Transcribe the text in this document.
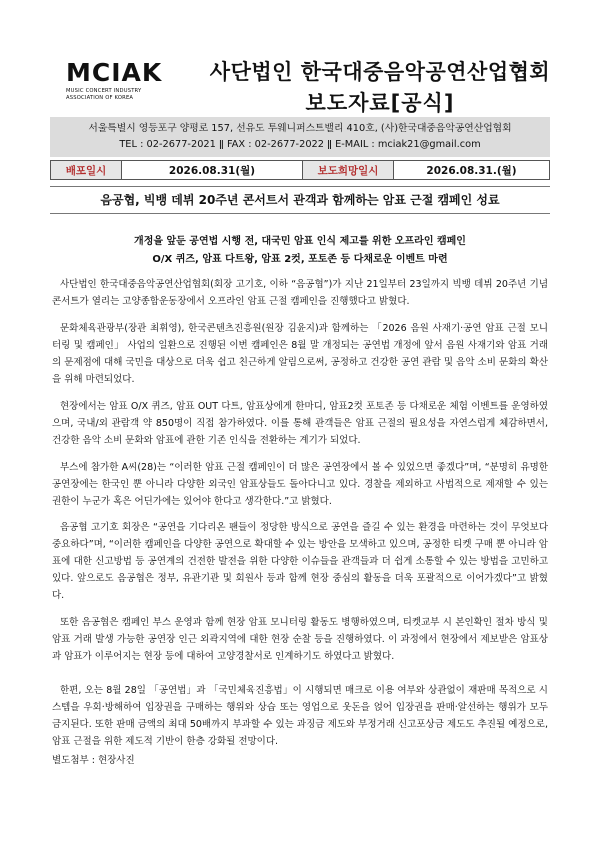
MCIAK
MUSIC CONCERT INDUSTRY
ASSOCIATION OF KOREA
사단법인 한국대중음악공연산업협회
보도자료[공식]
서울특별시 영등포구 양평로 157, 선유도 투웨니퍼스트밸리 410호, (사)한국대중음악공연산업협회
TEL : 02-2677-2021 ǁ FAX : 02-2677-2022 ǁ E-MAIL : mciak21@gmail.com
배포일시	2026.08.31(월)	보도희망일시	2026.08.31.(월)
음공협, 빅뱅 데뷔 20주년 콘서트서 관객과 함께하는 암표 근절 캠페인 성료
개정을 앞둔 공연법 시행 전, 대국민 암표 인식 제고를 위한 오프라인 캠페인
O/X 퀴즈, 암표 다트왕, 암표 2컷, 포토존 등 다채로운 이벤트 마련
사단법인 한국대중음악공연산업협회(회장 고기호, 이하 “음공협”)가 지난 21일부터 23일까지 빅뱅 데뷔 20주년 기념 콘서트가 열리는 고양종합운동장에서 오프라인 암표 근절 캠페인을 진행했다고 밝혔다.
문화체육관광부(장관 최휘영), 한국콘텐츠진흥원(원장 김윤지)과 함께하는 「2026 음원 사재기·공연 암표 근절 모니터링 및 캠페인」 사업의 일환으로 진행된 이번 캠페인은 8월 말 개정되는 공연법 개정에 앞서 음원 사재기와 암표 거래의 문제점에 대해 국민을 대상으로 더욱 쉽고 친근하게 알림으로써, 공정하고 건강한 공연 관람 및 음악 소비 문화의 확산을 위해 마련되었다.
현장에서는 암표 O/X 퀴즈, 암표 OUT 다트, 암표상에게 한마디, 암표2컷 포토존 등 다채로운 체험 이벤트를 운영하였으며, 국내/외 관람객 약 850명이 직접 참가하였다. 이를 통해 관객들은 암표 근절의 필요성을 자연스럽게 체감하면서, 건강한 음악 소비 문화와 암표에 관한 기존 인식을 전환하는 계기가 되었다.
부스에 참가한 A씨(28)는 “이러한 암표 근절 캠페인이 더 많은 공연장에서 볼 수 있었으면 좋겠다”며, “분명히 유명한 공연장에는 한국인 뿐 아니라 다양한 외국인 암표상들도 돌아다니고 있다. 경찰을 제외하고 사법적으로 제재할 수 있는 권한이 누군가 혹은 어딘가에는 있어야 한다고 생각한다.”고 밝혔다.
음공협 고기호 회장은 “공연을 기다리온 팬들이 정당한 방식으로 공연을 즐길 수 있는 환경을 마련하는 것이 무엇보다 중요하다”며, “이러한 캠페인을 다양한 공연으로 확대할 수 있는 방안을 모색하고 있으며, 공정한 티켓 구매 뿐 아니라 암표에 대한 신고방법 등 공연계의 건전한 발전을 위한 다양한 이슈들을 관객들과 더 쉽게 소통할 수 있는 방법을 고민하고 있다. 앞으로도 음공협은 정부, 유관기관 및 회원사 등과 함께 현장 중심의 활동을 더욱 포괄적으로 이어가겠다”고 밝혔다.
또한 음공협은 캠페인 부스 운영과 함께 현장 암표 모니터링 활동도 병행하였으며, 티켓교부 시 본인확인 절차 방식 및 암표 거래 발생 가능한 공연장 인근 외곽지역에 대한 현장 순찰 등을 진행하였다. 이 과정에서 현장에서 제보받은 암표상과 암표가 이루어지는 현장 등에 대하여 고양경찰서로 인계하기도 하였다고 밝혔다.
한편, 오는 8월 28일 「공연법」과 「국민체육진흥법」이 시행되면 매크로 이용 여부와 상관없이 재판매 목적으로 시스템을 우회·방해하여 입장권을 구매하는 행위와 상습 또는 영업으로 웃돈을 얹어 입장권을 판매·알선하는 행위가 모두 금지된다. 또한 판매 금액의 최대 50배까지 부과할 수 있는 과징금 제도와 부정거래 신고포상금 제도도 추진될 예정으로, 암표 근절을 위한 제도적 기반이 한층 강화될 전망이다.
별도첨부 : 현장사진
